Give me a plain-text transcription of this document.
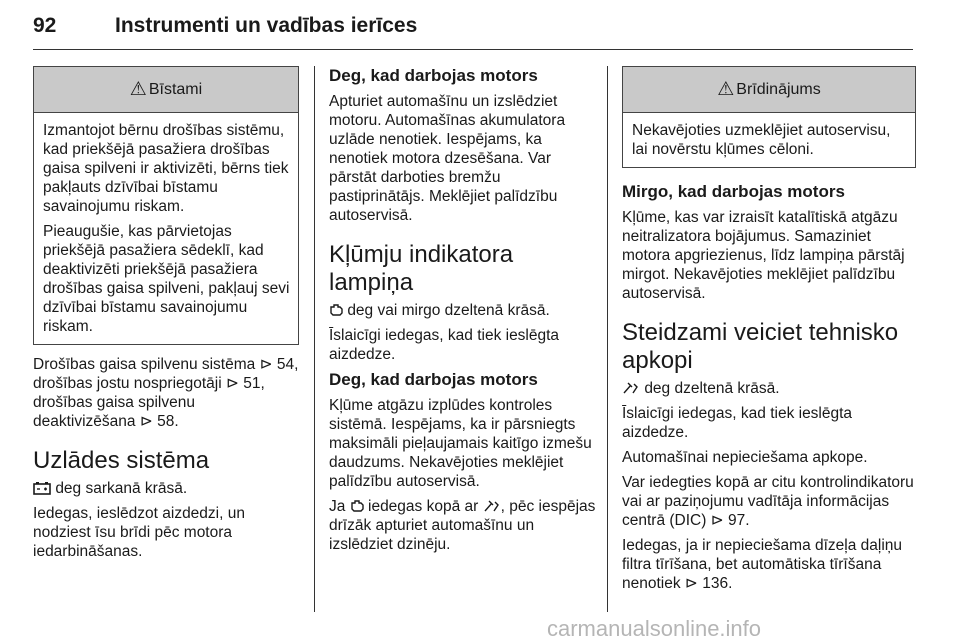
92	Instrumenti un vadības ierīces
⚠ Bīstami

Izmantojot bērnu drošības sistēmu, kad priekšējā pasažiera drošības gaisa spilveni ir aktivizēti, bērns tiek pakļauts dzīvībai bīstamu savainojumu riskam.

Pieaugušie, kas pārvietojas priekšējā pasažiera sēdeklī, kad deaktivizēti priekšējā pasažiera drošības gaisa spilveni, pakļauj sevi dzīvībai bīstamu savainojumu riskam.

Drošības gaisa spilvenu sistēma ⊳ 54, drošības jostu nospriegotāji ⊳ 51, drošības gaisa spilvenu deaktivizēšana ⊳ 58.

Uzlādes sistēma

deg sarkanā krāsā.

Iedegas, ieslēdzot aizdedzi, un nodziest īsu brīdi pēc motora iedarbināšanas.

Deg, kad darbojas motors

Apturiet automašīnu un izslēdziet motoru. Automašīnas akumulatora uzlāde nenotiek. Iespējams, ka nenotiek motora dzesēšana. Var pārstāt darboties bremžu pastiprinātājs. Meklējiet palīdzību autoservisā.

Kļūmju indikatora lampiņa

deg vai mirgo dzeltenā krāsā.

Īslaicīgi iedegas, kad tiek ieslēgta aizdedze.

Deg, kad darbojas motors

Kļūme atgāzu izplūdes kontroles sistēmā. Iespējams, ka ir pārsniegts maksimāli pieļaujamais kaitīgo izmešu daudzums. Nekavējoties meklējiet palīdzību autoservisā.

Ja iedegas kopā ar , pēc iespējas drīzāk apturiet automašīnu un izslēdziet dzinēju.

⚠ Brīdinājums

Nekavējoties uzmeklējiet autoservisu, lai novērstu kļūmes cēloni.

Mirgo, kad darbojas motors

Kļūme, kas var izraisīt katalītiskā atgāzu neitralizatora bojājumus. Samaziniet motora apgriezienus, līdz lampiņa pārstāj mirgot. Nekavējoties meklējiet palīdzību autoservisā.

Steidzami veiciet tehnisko apkopi

deg dzeltenā krāsā.

Īslaicīgi iedegas, kad tiek ieslēgta aizdedze.

Automašīnai nepieciešama apkope.

Var iedegties kopā ar citu kontrolindikatoru vai ar paziņojumu vadītāja informācijas centrā (DIC) ⊳ 97.

Iedegas, ja ir nepieciešama dīzeļa daļiņu filtra tīrīšana, bet automātiska tīrīšana nenotiek ⊳ 136.

carmanualsonline.info
